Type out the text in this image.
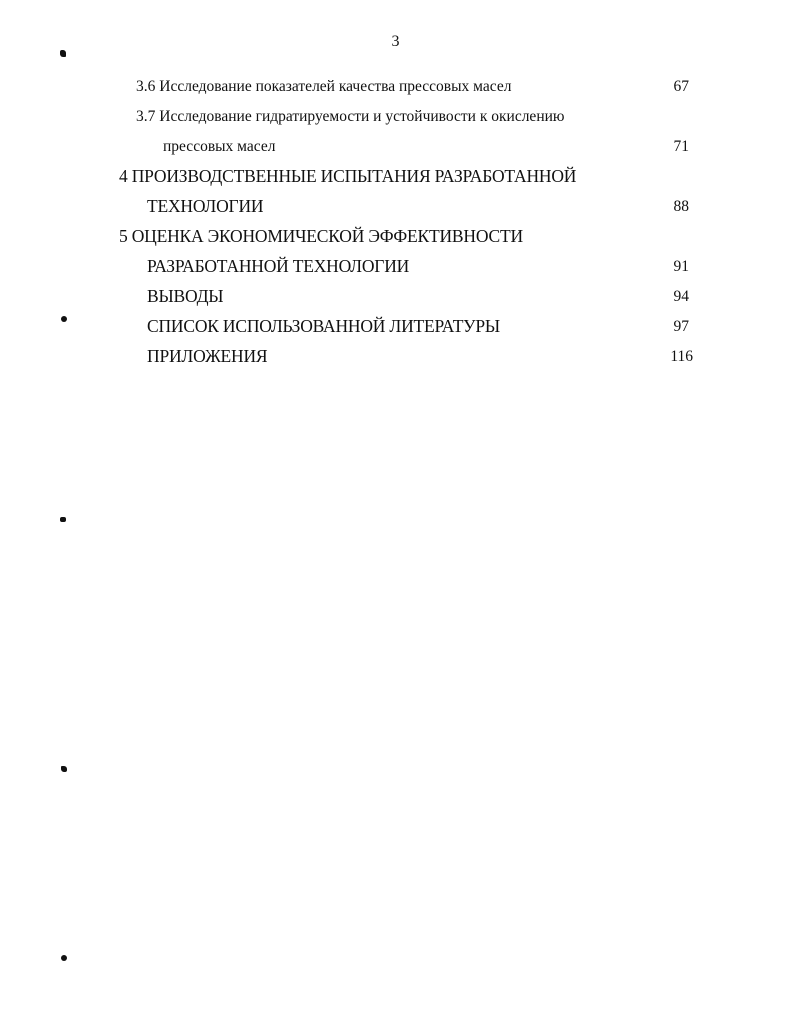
3
3.6 Исследование показателей качества прессовых масел	67
3.7 Исследование гидратируемости и устойчивости к окислению
прессовых масел	71
4 ПРОИЗВОДСТВЕННЫЕ ИСПЫТАНИЯ РАЗРАБОТАННОЙ
ТЕХНОЛОГИИ	88
5 ОЦЕНКА ЭКОНОМИЧЕСКОЙ ЭФФЕКТИВНОСТИ
РАЗРАБОТАННОЙ ТЕХНОЛОГИИ	91
ВЫВОДЫ	94
СПИСОК ИСПОЛЬЗОВАННОЙ ЛИТЕРАТУРЫ	97
ПРИЛОЖЕНИЯ	116
